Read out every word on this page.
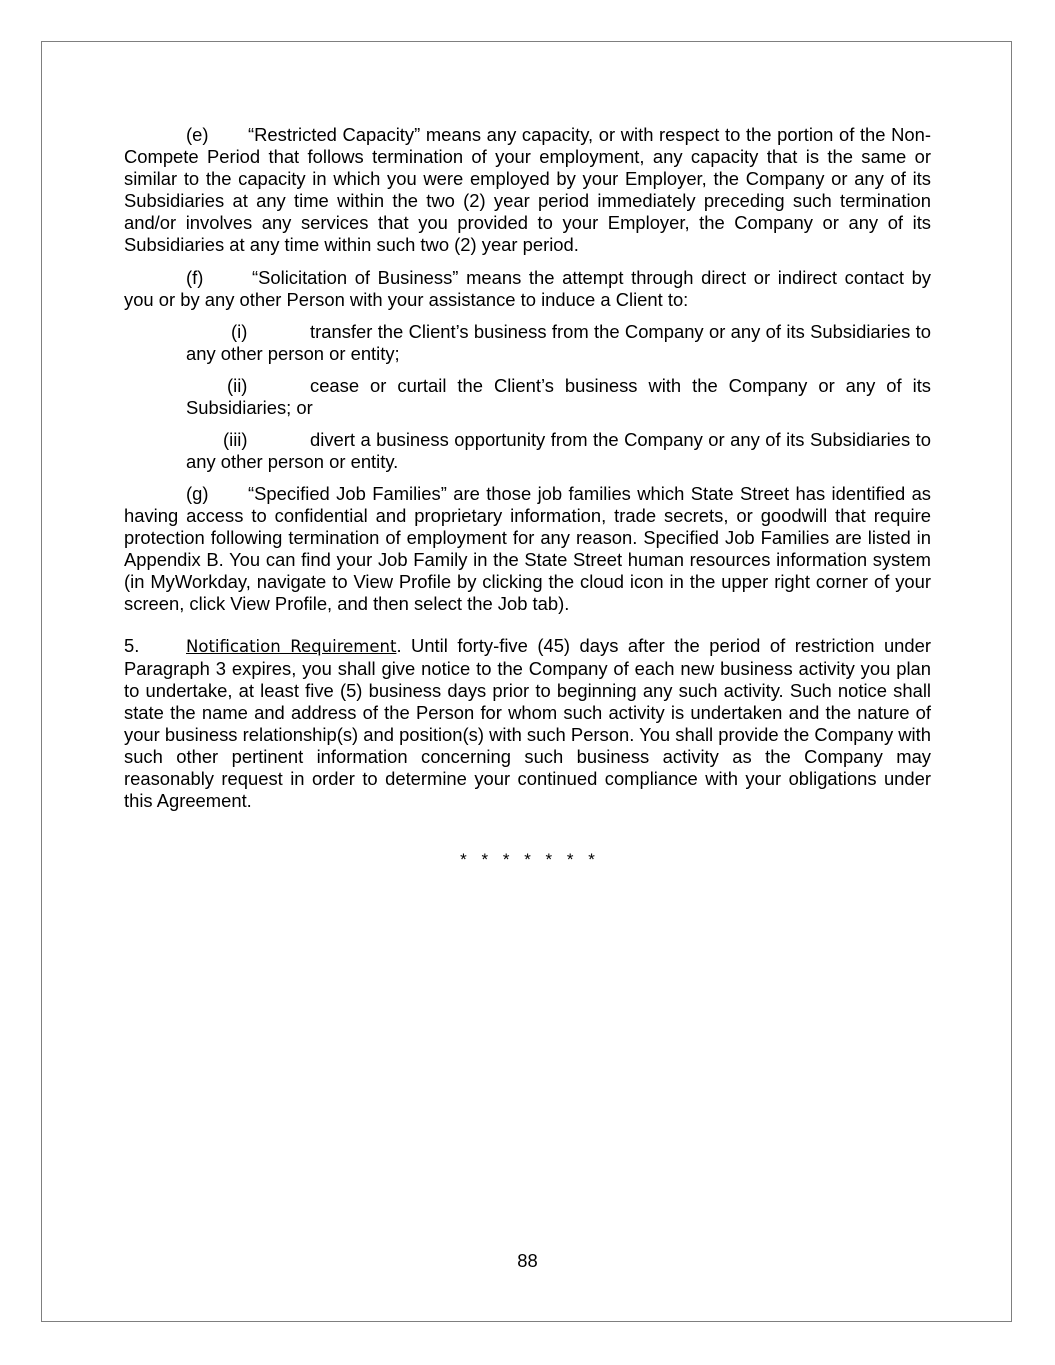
(e) “Restricted Capacity” means any capacity, or with respect to the portion of the Non-Compete Period that follows termination of your employment, any capacity that is the same or similar to the capacity in which you were employed by your Employer, the Company or any of its Subsidiaries at any time within the two (2) year period immediately preceding such termination and/or involves any services that you provided to your Employer, the Company or any of its Subsidiaries at any time within such two (2) year period.

(f)	“Solicitation of Business” means the attempt through direct or indirect contact by you or by any other Person with your assistance to induce a Client to:

(i)	transfer the Client’s business from the Company or any of its Subsidiaries to any other person or entity;

(ii)	cease or curtail the Client’s business with the Company or any of its Subsidiaries; or

(iii)	divert a business opportunity from the Company or any of its Subsidiaries to any other person or entity.

(g) “Specified Job Families” are those job families which State Street has identified as having access to confidential and proprietary information, trade secrets, or goodwill that require protection following termination of employment for any reason. Specified Job Families are listed in Appendix B. You can find your Job Family in the State Street human resources information system (in MyWorkday, navigate to View Profile by clicking the cloud icon in the upper right corner of your screen, click View Profile, and then select the Job tab).

5.	Notification Requirement. Until forty-five (45) days after the period of restriction under Paragraph 3 expires, you shall give notice to the Company of each new business activity you plan to undertake, at least five (5) business days prior to beginning any such activity. Such notice shall state the name and address of the Person for whom such activity is undertaken and the nature of your business relationship(s) and position(s) with such Person. You shall provide the Company with such other pertinent information concerning such business activity as the Company may reasonably request in order to determine your continued compliance with your obligations under this Agreement.

* * * * * * *
88
